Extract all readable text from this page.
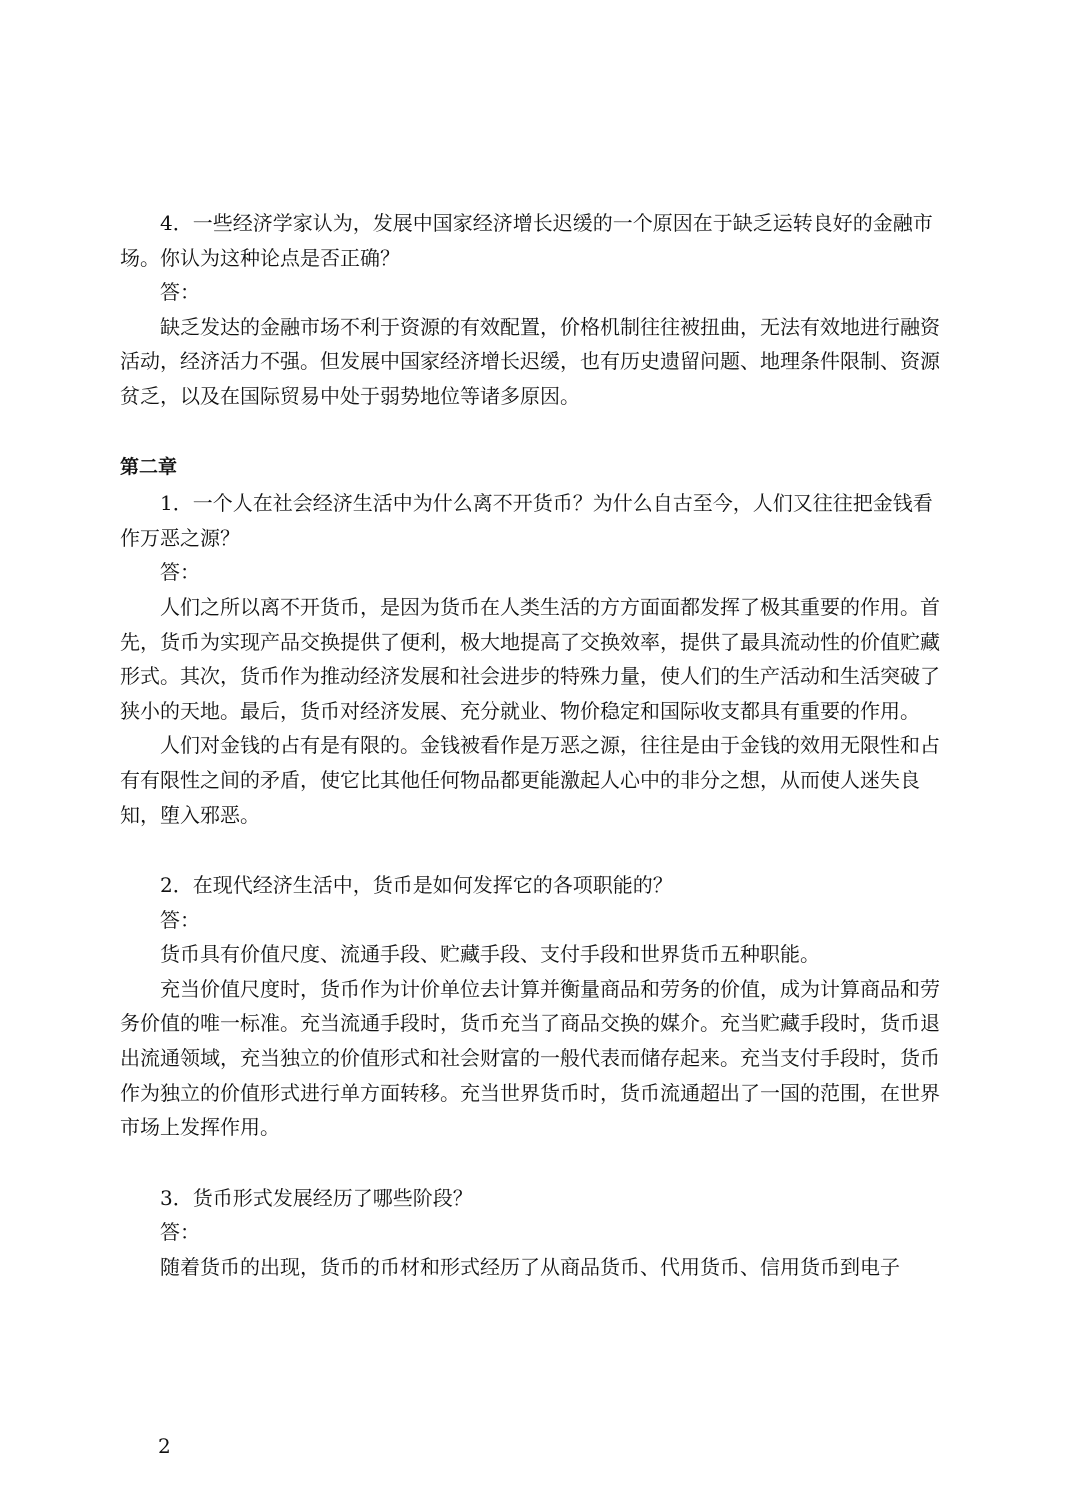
4．一些经济学家认为，发展中国家经济增长迟缓的一个原因在于缺乏运转良好的金融市场。你认为这种论点是否正确？

答：

缺乏发达的金融市场不利于资源的有效配置，价格机制往往被扭曲，无法有效地进行融资活动，经济活力不强。但发展中国家经济增长迟缓，也有历史遗留问题、地理条件限制、资源贫乏，以及在国际贸易中处于弱势地位等诸多原因。

第二章

1．一个人在社会经济生活中为什么离不开货币？为什么自古至今，人们又往往把金钱看作万恶之源？

答：

人们之所以离不开货币，是因为货币在人类生活的方方面面都发挥了极其重要的作用。首先，货币为实现产品交换提供了便利，极大地提高了交换效率，提供了最具流动性的价值贮藏形式。其次，货币作为推动经济发展和社会进步的特殊力量，使人们的生产活动和生活突破了狭小的天地。最后，货币对经济发展、充分就业、物价稳定和国际收支都具有重要的作用。

人们对金钱的占有是有限的。金钱被看作是万恶之源，往往是由于金钱的效用无限性和占有有限性之间的矛盾，使它比其他任何物品都更能激起人心中的非分之想，从而使人迷失良知，堕入邪恶。

2．在现代经济生活中，货币是如何发挥它的各项职能的？

答：

货币具有价值尺度、流通手段、贮藏手段、支付手段和世界货币五种职能。

充当价值尺度时，货币作为计价单位去计算并衡量商品和劳务的价值，成为计算商品和劳务价值的唯一标准。充当流通手段时，货币充当了商品交换的媒介。充当贮藏手段时，货币退出流通领域，充当独立的价值形式和社会财富的一般代表而储存起来。充当支付手段时，货币作为独立的价值形式进行单方面转移。充当世界货币时，货币流通超出了一国的范围，在世界市场上发挥作用。

3．货币形式发展经历了哪些阶段？

答：

随着货币的出现，货币的币材和形式经历了从商品货币、代用货币、信用货币到电子

2
